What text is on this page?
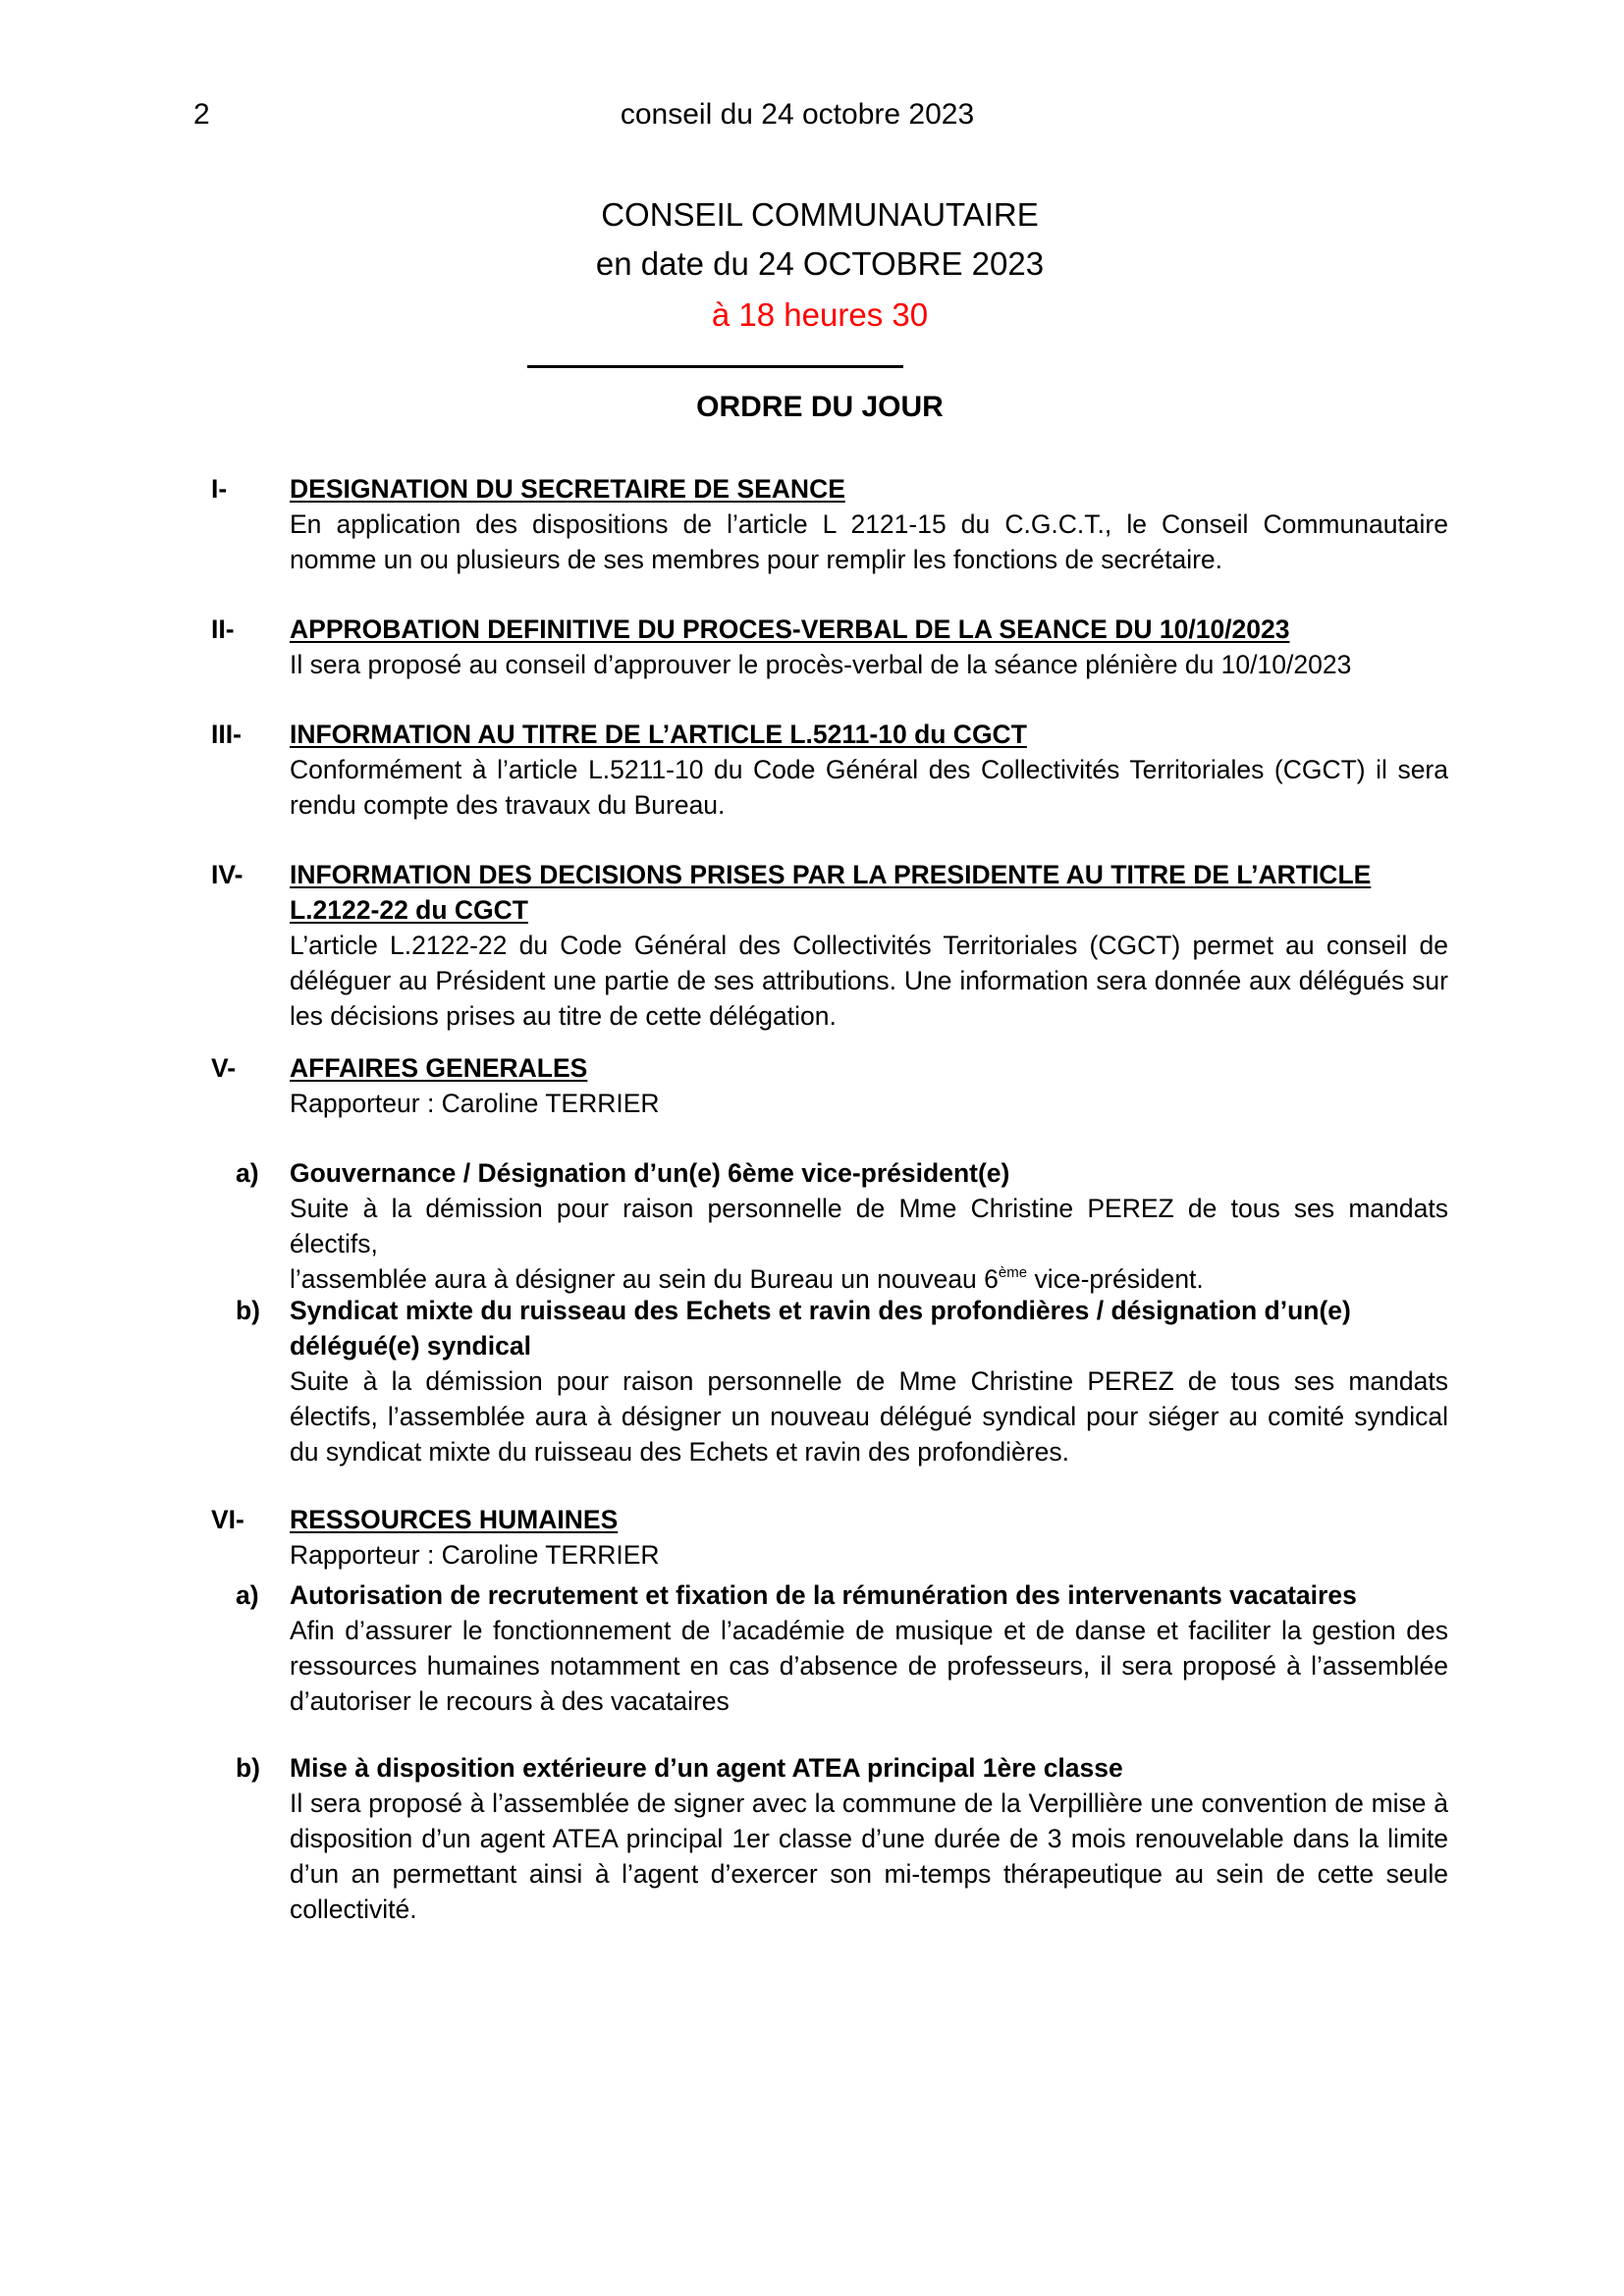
2	conseil du 24 octobre 2023
CONSEIL COMMUNAUTAIRE
en date du 24 OCTOBRE 2023
à 18 heures 30
ORDRE DU JOUR
I-	DESIGNATION DU SECRETAIRE DE SEANCE
En application des dispositions de l’article L 2121-15 du C.G.C.T., le Conseil Communautaire nomme un ou plusieurs de ses membres pour remplir les fonctions de secrétaire.
II-	APPROBATION DEFINITIVE DU PROCES-VERBAL DE LA SEANCE DU 10/10/2023
Il sera proposé au conseil d’approuver le procès-verbal de la séance plénière du 10/10/2023
III-	INFORMATION AU TITRE DE L’ARTICLE L.5211-10 du CGCT
Conformément à l’article L.5211-10 du Code Général des Collectivités Territoriales (CGCT) il sera rendu compte des travaux du Bureau.
IV-	INFORMATION DES DECISIONS PRISES PAR LA PRESIDENTE AU TITRE DE L’ARTICLE L.2122-22 du CGCT
L’article L.2122-22 du Code Général des Collectivités Territoriales (CGCT) permet au conseil de déléguer au Président une partie de ses attributions. Une information sera donnée aux délégués sur les décisions prises au titre de cette délégation.
V-	AFFAIRES GENERALES
Rapporteur : Caroline TERRIER
a)	Gouvernance / Désignation d’un(e) 6ème vice-président(e)
Suite à la démission pour raison personnelle de Mme Christine PEREZ de tous ses mandats électifs,
l’assemblée aura à désigner au sein du Bureau un nouveau 6ème vice-président.
b)	Syndicat mixte du ruisseau des Echets et ravin des profondières / désignation d’un(e) délégué(e) syndical
Suite à la démission pour raison personnelle de Mme Christine PEREZ de tous ses mandats électifs, l’assemblée aura à désigner un nouveau délégué syndical pour siéger au comité syndical du syndicat mixte du ruisseau des Echets et ravin des profondières.
VI-	RESSOURCES HUMAINES
Rapporteur : Caroline TERRIER
a)	Autorisation de recrutement et fixation de la rémunération des intervenants vacataires
Afin d’assurer le fonctionnement de l’académie de musique et de danse et faciliter la gestion des ressources humaines notamment en cas d’absence de professeurs, il sera proposé à l’assemblée d’autoriser le recours à des vacataires
b)	Mise à disposition extérieure d’un agent ATEA principal 1ère classe
Il sera proposé à l’assemblée de signer avec la commune de la Verpillière une convention de mise à disposition d’un agent ATEA principal 1er classe d’une durée de 3 mois renouvelable dans la limite d’un an permettant ainsi à l’agent d’exercer son mi-temps thérapeutique au sein de cette seule collectivité.
